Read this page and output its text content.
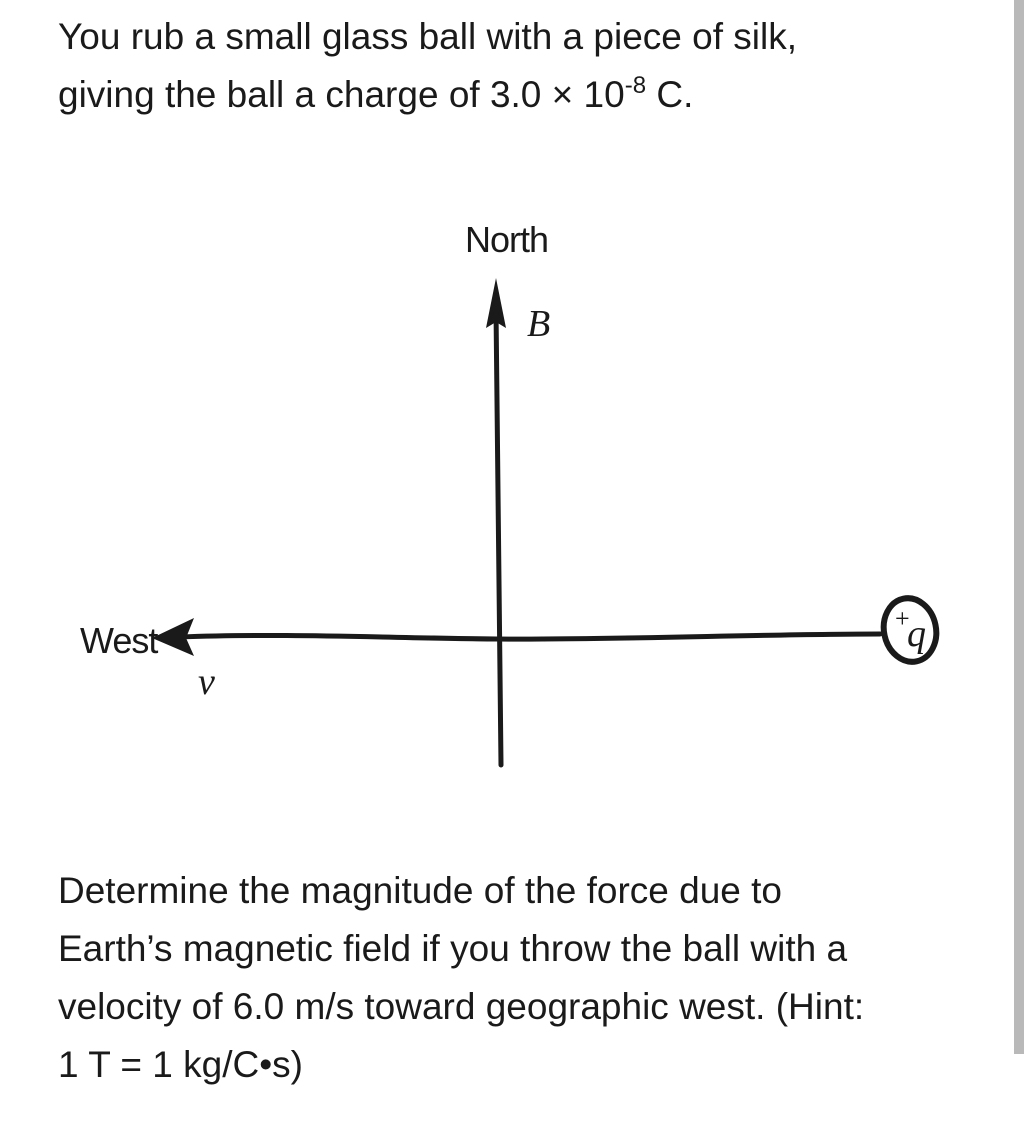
You rub a small glass ball with a piece of silk,
giving the ball a charge of $3.0 \times 10^{-8}$ C.
North
West
B
v
+
q
Determine the magnitude of the force due to
Earth’s magnetic field if you throw the ball with a
velocity of 6.0 m/s toward geographic west. (Hint:
1 T = 1 kg/C•s)
